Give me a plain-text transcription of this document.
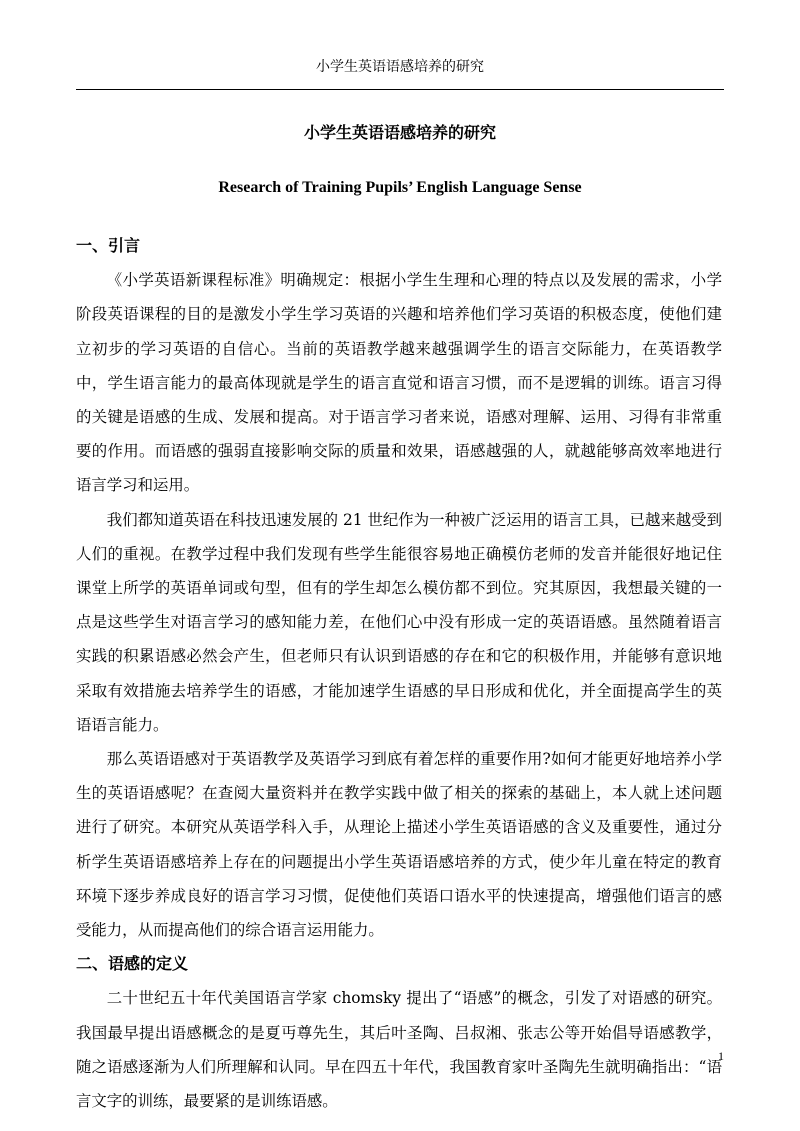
小学生英语语感培养的研究
小学生英语语感培养的研究
Research of Training Pupils’ English Language Sense
一、引言

《小学英语新课程标准》明确规定：根据小学生生理和心理的特点以及发展的需求，小学阶段英语课程的目的是激发小学生学习英语的兴趣和培养他们学习英语的积极态度，使他们建立初步的学习英语的自信心。当前的英语教学越来越强调学生的语言交际能力，在英语教学中，学生语言能力的最高体现就是学生的语言直觉和语言习惯，而不是逻辑的训练。语言习得的关键是语感的生成、发展和提高。对于语言学习者来说，语感对理解、运用、习得有非常重要的作用。而语感的强弱直接影响交际的质量和效果，语感越强的人，就越能够高效率地进行语言学习和运用。

我们都知道英语在科技迅速发展的 21 世纪作为一种被广泛运用的语言工具，已越来越受到人们的重视。在教学过程中我们发现有些学生能很容易地正确模仿老师的发音并能很好地记住课堂上所学的英语单词或句型，但有的学生却怎么模仿都不到位。究其原因，我想最关键的一点是这些学生对语言学习的感知能力差，在他们心中没有形成一定的英语语感。虽然随着语言实践的积累语感必然会产生，但老师只有认识到语感的存在和它的积极作用，并能够有意识地采取有效措施去培养学生的语感，才能加速学生语感的早日形成和优化，并全面提高学生的英语语言能力。

那么英语语感对于英语教学及英语学习到底有着怎样的重要作用?如何才能更好地培养小学生的英语语感呢？在查阅大量资料并在教学实践中做了相关的探索的基础上，本人就上述问题进行了研究。本研究从英语学科入手，从理论上描述小学生英语语感的含义及重要性，通过分析学生英语语感培养上存在的问题提出小学生英语语感培养的方式，使少年儿童在特定的教育环境下逐步养成良好的语言学习习惯，促使他们英语口语水平的快速提高，增强他们语言的感受能力，从而提高他们的综合语言运用能力。

二、语感的定义

二十世纪五十年代美国语言学家 chomsky 提出了“语感”的概念，引发了对语感的研究。我国最早提出语感概念的是夏丏尊先生，其后叶圣陶、吕叔湘、张志公等开始倡导语感教学，随之语感逐渐为人们所理解和认同。早在四五十年代，我国教育家叶圣陶先生就明确指出：“语言文字的训练，最要紧的是训练语感。

1
